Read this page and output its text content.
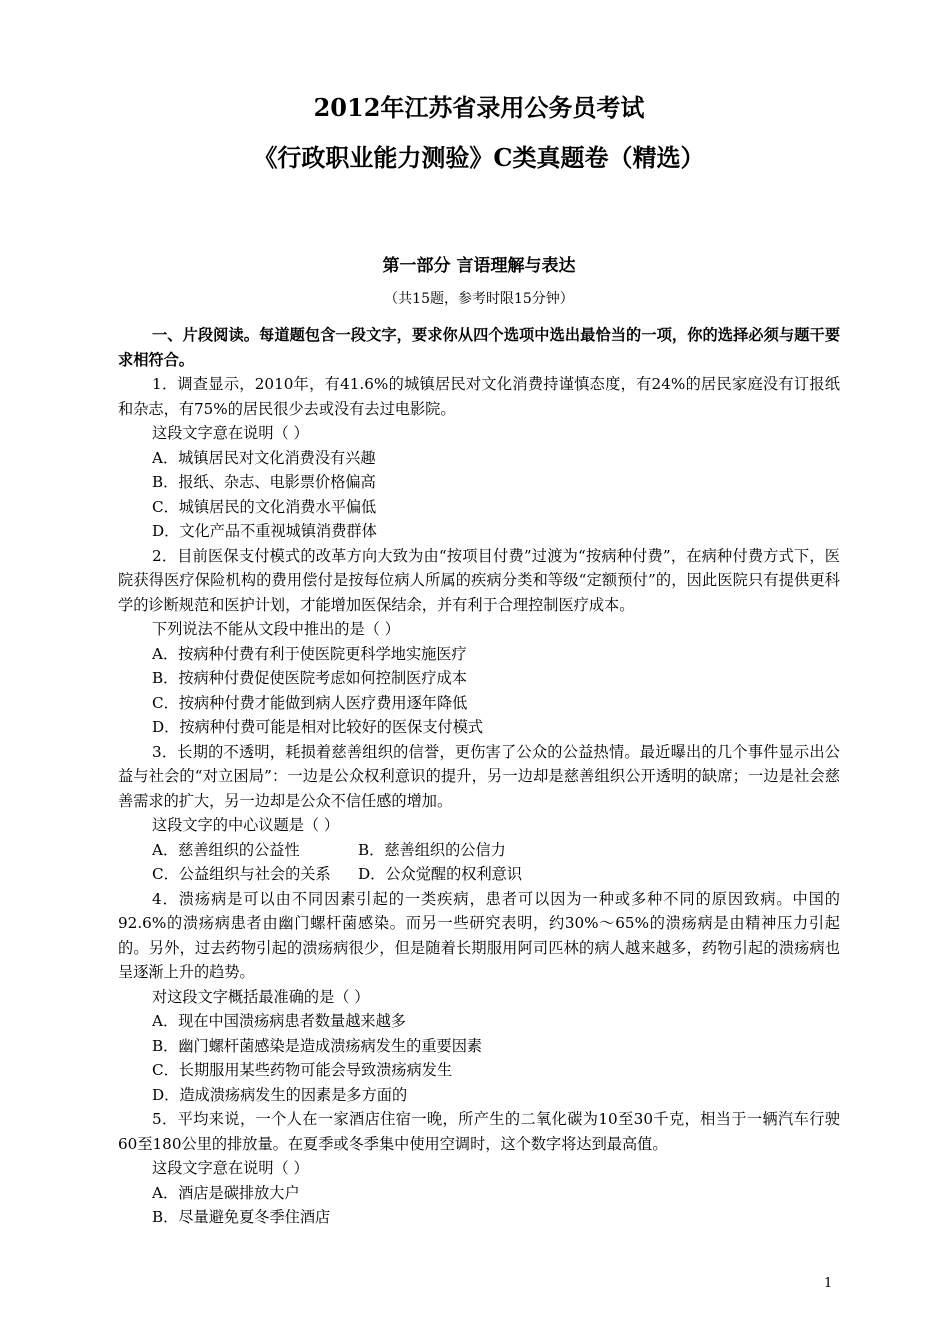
2012年江苏省录用公务员考试
《行政职业能力测验》C类真题卷（精选）
第一部分 言语理解与表达
（共15题，参考时限15分钟）

一、片段阅读。每道题包含一段文字，要求你从四个选项中选出最恰当的一项，你的选择必须与题干要求相符合。

1．调查显示，2010年，有41.6%的城镇居民对文化消费持谨慎态度，有24%的居民家庭没有订报纸和杂志，有75%的居民很少去或没有去过电影院。

这段文字意在说明（ ）

A．城镇居民对文化消费没有兴趣

B．报纸、杂志、电影票价格偏高

C．城镇居民的文化消费水平偏低

D．文化产品不重视城镇消费群体

2．目前医保支付模式的改革方向大致为由“按项目付费”过渡为“按病种付费”，在病种付费方式下，医院获得医疗保险机构的费用偿付是按每位病人所属的疾病分类和等级“定额预付”的，因此医院只有提供更科学的诊断规范和医护计划，才能增加医保结余，并有利于合理控制医疗成本。

下列说法不能从文段中推出的是（ ）

A．按病种付费有利于使医院更科学地实施医疗

B．按病种付费促使医院考虑如何控制医疗成本

C．按病种付费才能做到病人医疗费用逐年降低

D．按病种付费可能是相对比较好的医保支付模式

3．长期的不透明，耗损着慈善组织的信誉，更伤害了公众的公益热情。最近曝出的几个事件显示出公益与社会的“对立困局”：一边是公众权利意识的提升，另一边却是慈善组织公开透明的缺席；一边是社会慈善需求的扩大，另一边却是公众不信任感的增加。

这段文字的中心议题是（ ）

A．慈善组织的公益性	B．慈善组织的公信力
C．公益组织与社会的关系	D．公众觉醒的权利意识

4．溃疡病是可以由不同因素引起的一类疾病，患者可以因为一种或多种不同的原因致病。中国的92.6%的溃疡病患者由幽门螺杆菌感染。而另一些研究表明，约30%～65%的溃疡病是由精神压力引起的。另外，过去药物引起的溃疡病很少，但是随着长期服用阿司匹林的病人越来越多，药物引起的溃疡病也呈逐渐上升的趋势。

对这段文字概括最准确的是（ ）

A．现在中国溃疡病患者数量越来越多

B．幽门螺杆菌感染是造成溃疡病发生的重要因素

C．长期服用某些药物可能会导致溃疡病发生

D．造成溃疡病发生的因素是多方面的

5．平均来说，一个人在一家酒店住宿一晚，所产生的二氧化碳为10至30千克，相当于一辆汽车行驶60至180公里的排放量。在夏季或冬季集中使用空调时，这个数字将达到最高值。

这段文字意在说明（ ）

A．酒店是碳排放大户

B．尽量避免夏冬季住酒店

1
